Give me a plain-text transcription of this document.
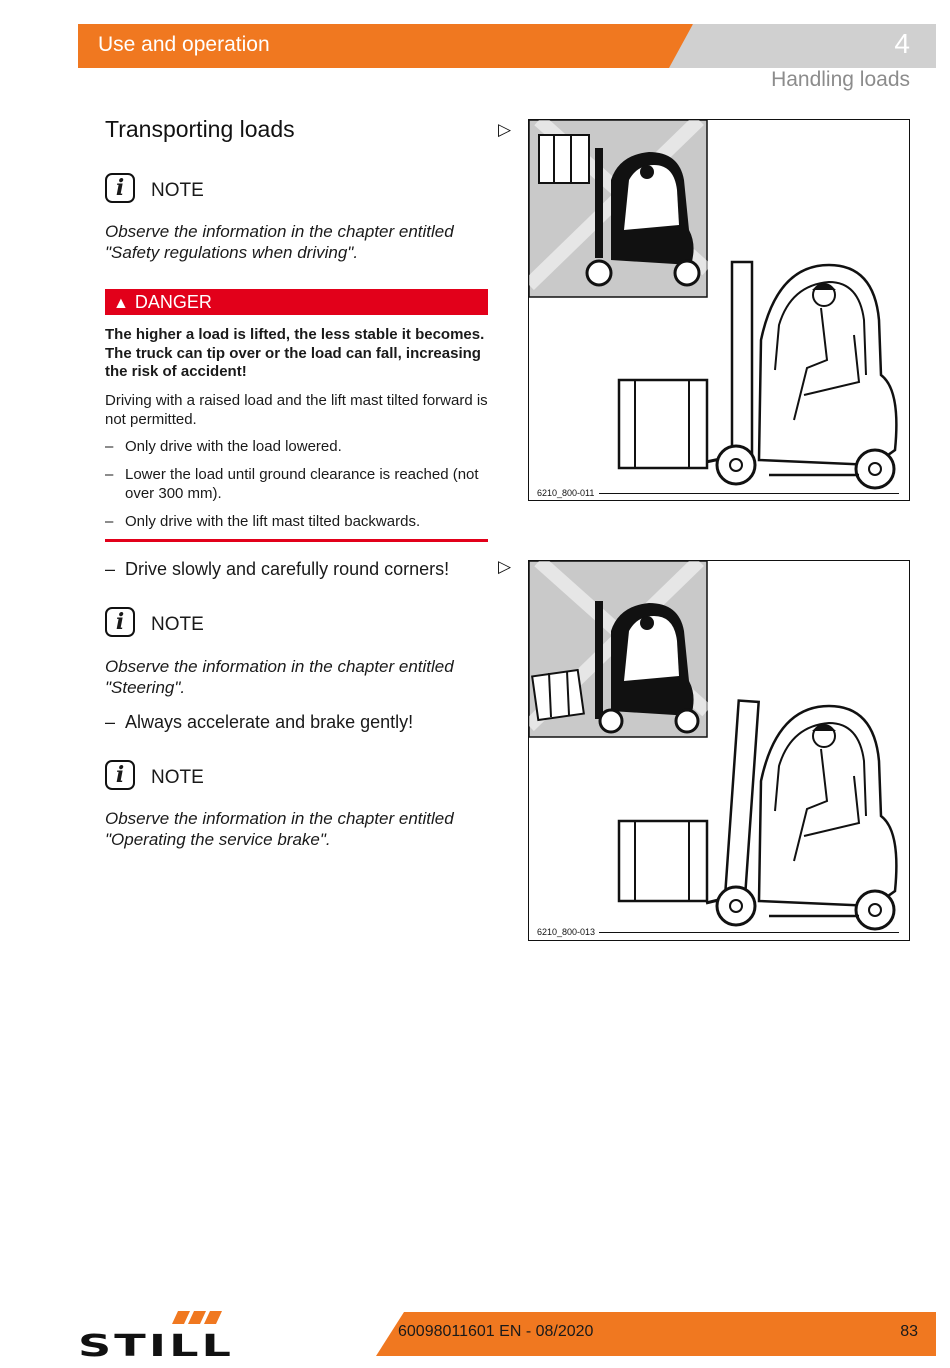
Use and operation	4
Handling loads
Transporting loads
i	NOTE
Observe the information in the chapter entitled "Safety regulations when driving".
▲ DANGER
The higher a load is lifted, the less stable it becomes. The truck can tip over or the load can fall, increasing the risk of accident!
Driving with a raised load and the lift mast tilted forward is not permitted.
– Only drive with the load lowered.
– Lower the load until ground clearance is reached (not over 300 mm).
– Only drive with the lift mast tilted backwards.
– Drive slowly and carefully round corners!
i	NOTE
Observe the information in the chapter entitled "Steering".
– Always accelerate and brake gently!
i	NOTE
Observe the information in the chapter entitled "Operating the service brake".
▷
▷
6210_800-011
6210_800-013
STILL	60098011601 EN - 08/2020	83
